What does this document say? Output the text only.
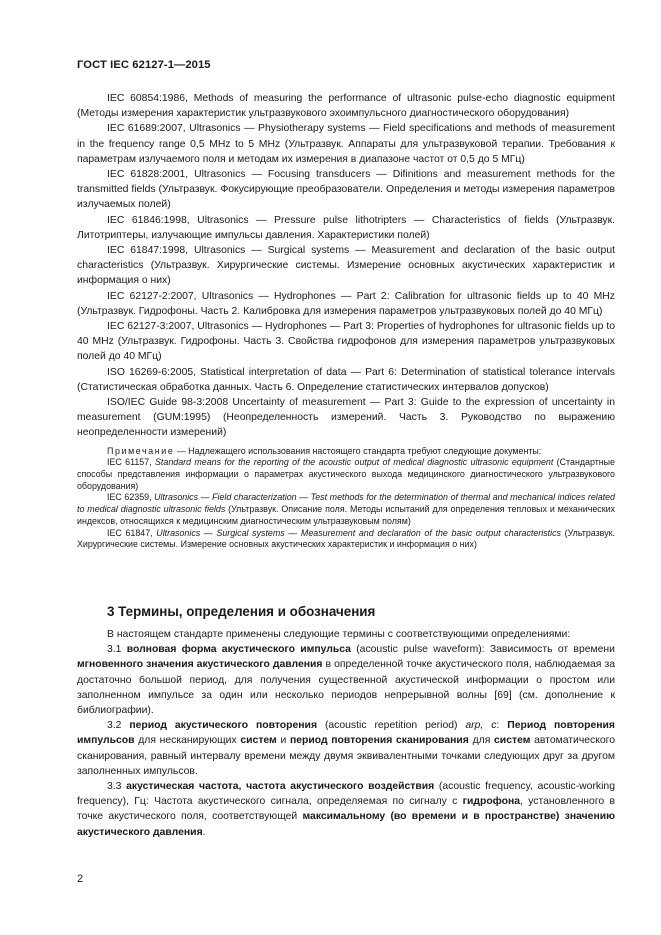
ГОСТ IEC 62127-1—2015

IEC 60854:1986, Methods of measuring the performance of ultrasonic pulse-echo diagnostic equipment (Методы измерения характеристик ультразвукового эхоимпульсного диагностического оборудования)

IEC 61689:2007, Ultrasonics — Physiotherapy systems — Field specifications and methods of measurement in the frequency range 0,5 MHz to 5 MHz (Ультразвук. Аппараты для ультразвуковой терапии. Требования к параметрам излучаемого поля и методам их измерения в диапазоне частот от 0,5 до 5 МГц)

IEC 61828:2001, Ultrasonics — Focusing transducers — Difinitions and measurement methods for the transmitted fields (Ультразвук. Фокусирующие преобразователи. Определения и методы измерения параметров излучаемых полей)

IEC 61846:1998, Ultrasonics — Pressure pulse lithotripters — Characteristics of fields (Ультразвук. Литотриптеры, излучающие импульсы давления. Характеристики полей)

IEC 61847:1998, Ultrasonics — Surgical systems — Measurement and declaration of the basic output characteristics (Ультразвук. Хирургические системы. Измерение основных акустических характеристик и информация о них)

IEC 62127-2:2007, Ultrasonics — Hydrophones — Part 2: Calibration for ultrasonic fields up to 40 MHz (Ультразвук. Гидрофоны. Часть 2. Калибровка для измерения параметров ультразвуковых полей до 40 МГц)

IEC 62127-3:2007, Ultrasonics — Hydrophones — Part 3: Properties of hydrophones for ultrasonic fields up to 40 MHz (Ультразвук. Гидрофоны. Часть 3. Свойства гидрофонов для измерения параметров ультразвуковых полей до 40 МГц)

ISO 16269-6:2005, Statistical interpretation of data — Part 6: Determination of statistical tolerance intervals (Статистическая обработка данных. Часть 6. Определение статистических интервалов допусков)

ISO/IEC Guide 98-3:2008 Uncertainty of measurement — Part 3: Guide to the expression of uncertainty in measurement (GUM:1995) (Неопределенность измерений. Часть 3. Руководство по выражению неопределенности измерений)

Примечание — Надлежащего использования настоящего стандарта требуют следующие документы:

IEC 61157, Standard means for the reporting of the acoustic output of medical diagnostic ultrasonic equipment (Стандартные способы представления информации о параметрах акустического выхода медицинского диагностического ультразвукового оборудования)

IEC 62359, Ultrasonics — Field characterization — Test methods for the determination of thermal and mechanical indices related to medical diagnostic ultrasonic fields (Ультразвук. Описание поля. Методы испытаний для определения тепловых и механических индексов, относящихся к медицинским диагностическим ультразвуковым полям)

IEC 61847, Ultrasonics — Surgical systems — Measurement and declaration of the basic output characteristics (Ультразвук. Хирургические системы. Измерение основных акустических характеристик и информация о них)

3 Термины, определения и обозначения

В настоящем стандарте применены следующие термины с соответствующими определениями:

3.1 волновая форма акустического импульса (acoustic pulse waveform): Зависимость от времени мгновенного значения акустического давления в определенной точке акустического поля, наблюдаемая за достаточно большой период, для получения существенной акустической информации о простом или заполненном импульсе за один или несколько периодов непрерывной волны [69] (см. дополнение к библиографии).

3.2 период акустического повторения (acoustic repetition period) arp, c: Период повторения импульсов для несканирующих систем и период повторения сканирования для систем автоматического сканирования, равный интервалу времени между двумя эквивалентными точками следующих друг за другом заполненных импульсов.

3.3 акустическая частота, частота акустического воздействия (acoustic frequency, acoustic-working frequency), Гц: Частота акустического сигнала, определяемая по сигналу с гидрофона, установленного в точке акустического поля, соответствующей максимальному (во времени и в пространстве) значению акустического давления.

2
